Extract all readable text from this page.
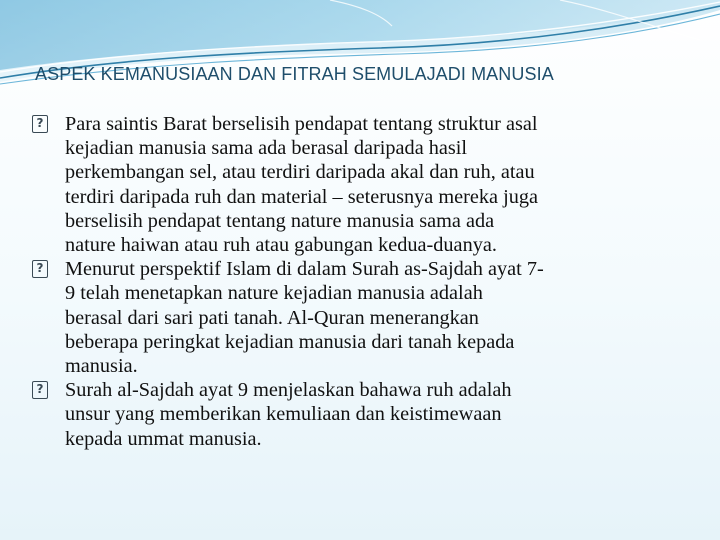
ASPEK KEMANUSIAAN DAN FITRAH SEMULAJADI MANUSIA
? Para saintis Barat berselisih pendapat tentang struktur asal
kejadian manusia sama ada berasal daripada hasil
perkembangan sel, atau terdiri daripada akal dan ruh, atau
terdiri daripada ruh dan material – seterusnya mereka juga
berselisih pendapat tentang nature manusia sama ada
nature haiwan atau ruh atau gabungan kedua-duanya.
? Menurut perspektif Islam di dalam Surah as-Sajdah ayat 7-
9 telah menetapkan nature kejadian manusia adalah
berasal dari sari pati tanah. Al-Quran menerangkan
beberapa peringkat kejadian manusia dari tanah kepada
manusia.
? Surah al-Sajdah ayat 9 menjelaskan bahawa ruh adalah
unsur yang memberikan kemuliaan dan keistimewaan
kepada ummat manusia.
